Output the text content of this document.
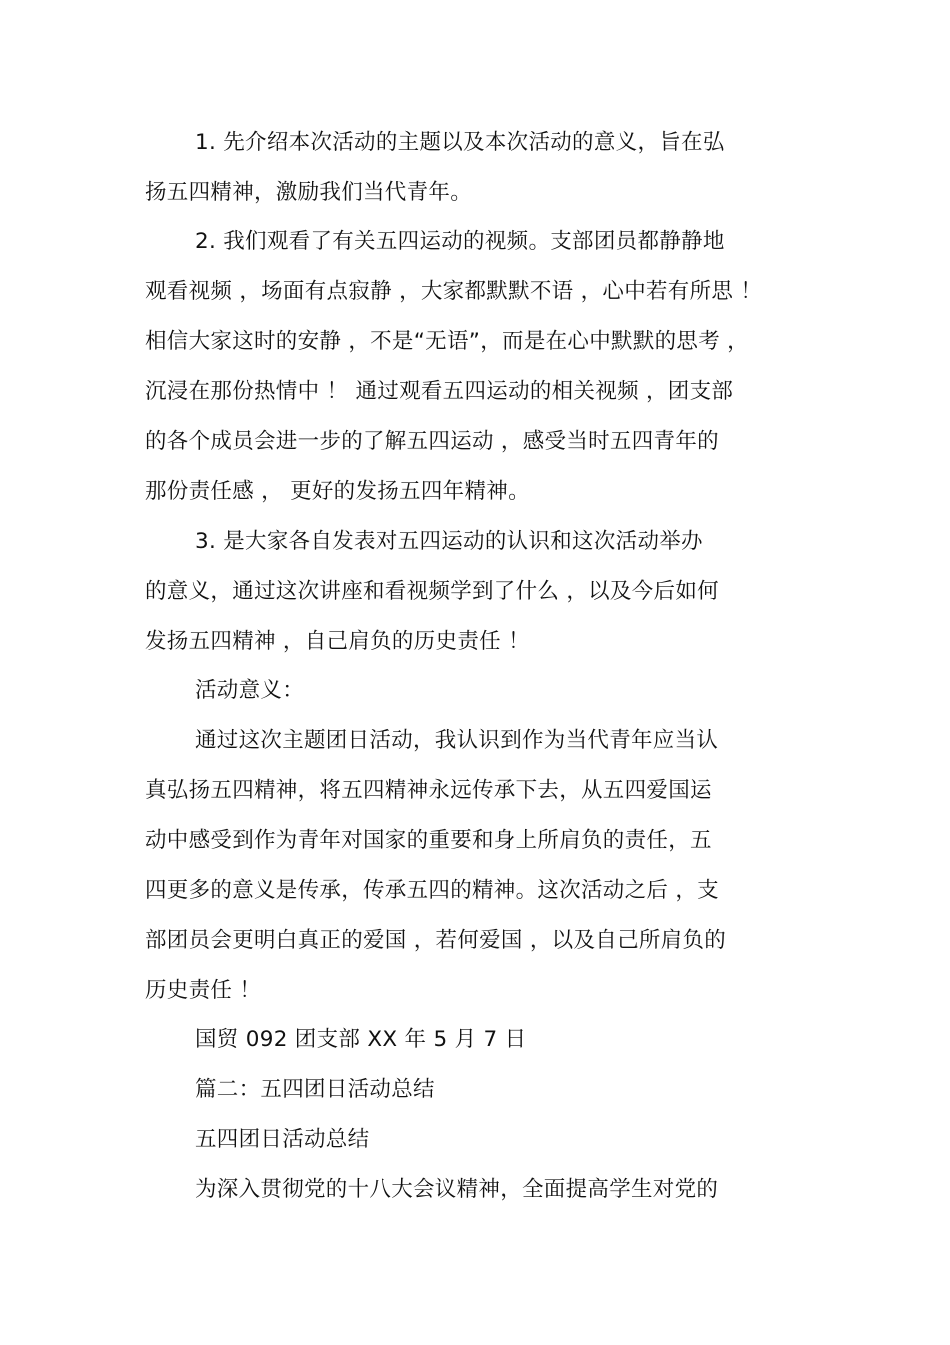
1. 先介绍本次活动的主题以及本次活动的意义，旨在弘
扬五四精神，激励我们当代青年。
2. 我们观看了有关五四运动的视频。支部团员都静静地
观看视频 ，场面有点寂静 ，大家都默默不语 ，心中若有所思 ！
相信大家这时的安静 ，不是“无语”，而是在心中默默的思考 ，
沉浸在那份热情中 ！ 通过观看五四运动的相关视频 ，团支部
的各个成员会进一步的了解五四运动 ，感受当时五四青年的
那份责任感 ， 更好的发扬五四年精神。
3. 是大家各自发表对五四运动的认识和这次活动举办
的意义，通过这次讲座和看视频学到了什么 ，以及今后如何
发扬五四精神 ，自己肩负的历史责任 ！
活动意义：
通过这次主题团日活动，我认识到作为当代青年应当认
真弘扬五四精神，将五四精神永远传承下去，从五四爱国运
动中感受到作为青年对国家的重要和身上所肩负的责任，五
四更多的意义是传承，传承五四的精神。这次活动之后 ，支
部团员会更明白真正的爱国 ，若何爱国 ，以及自己所肩负的
历史责任 ！
国贸 092 团支部 XX 年 5 月 7 日
篇二：五四团日活动总结
五四团日活动总结
为深入贯彻党的十八大会议精神，全面提高学生对党的
